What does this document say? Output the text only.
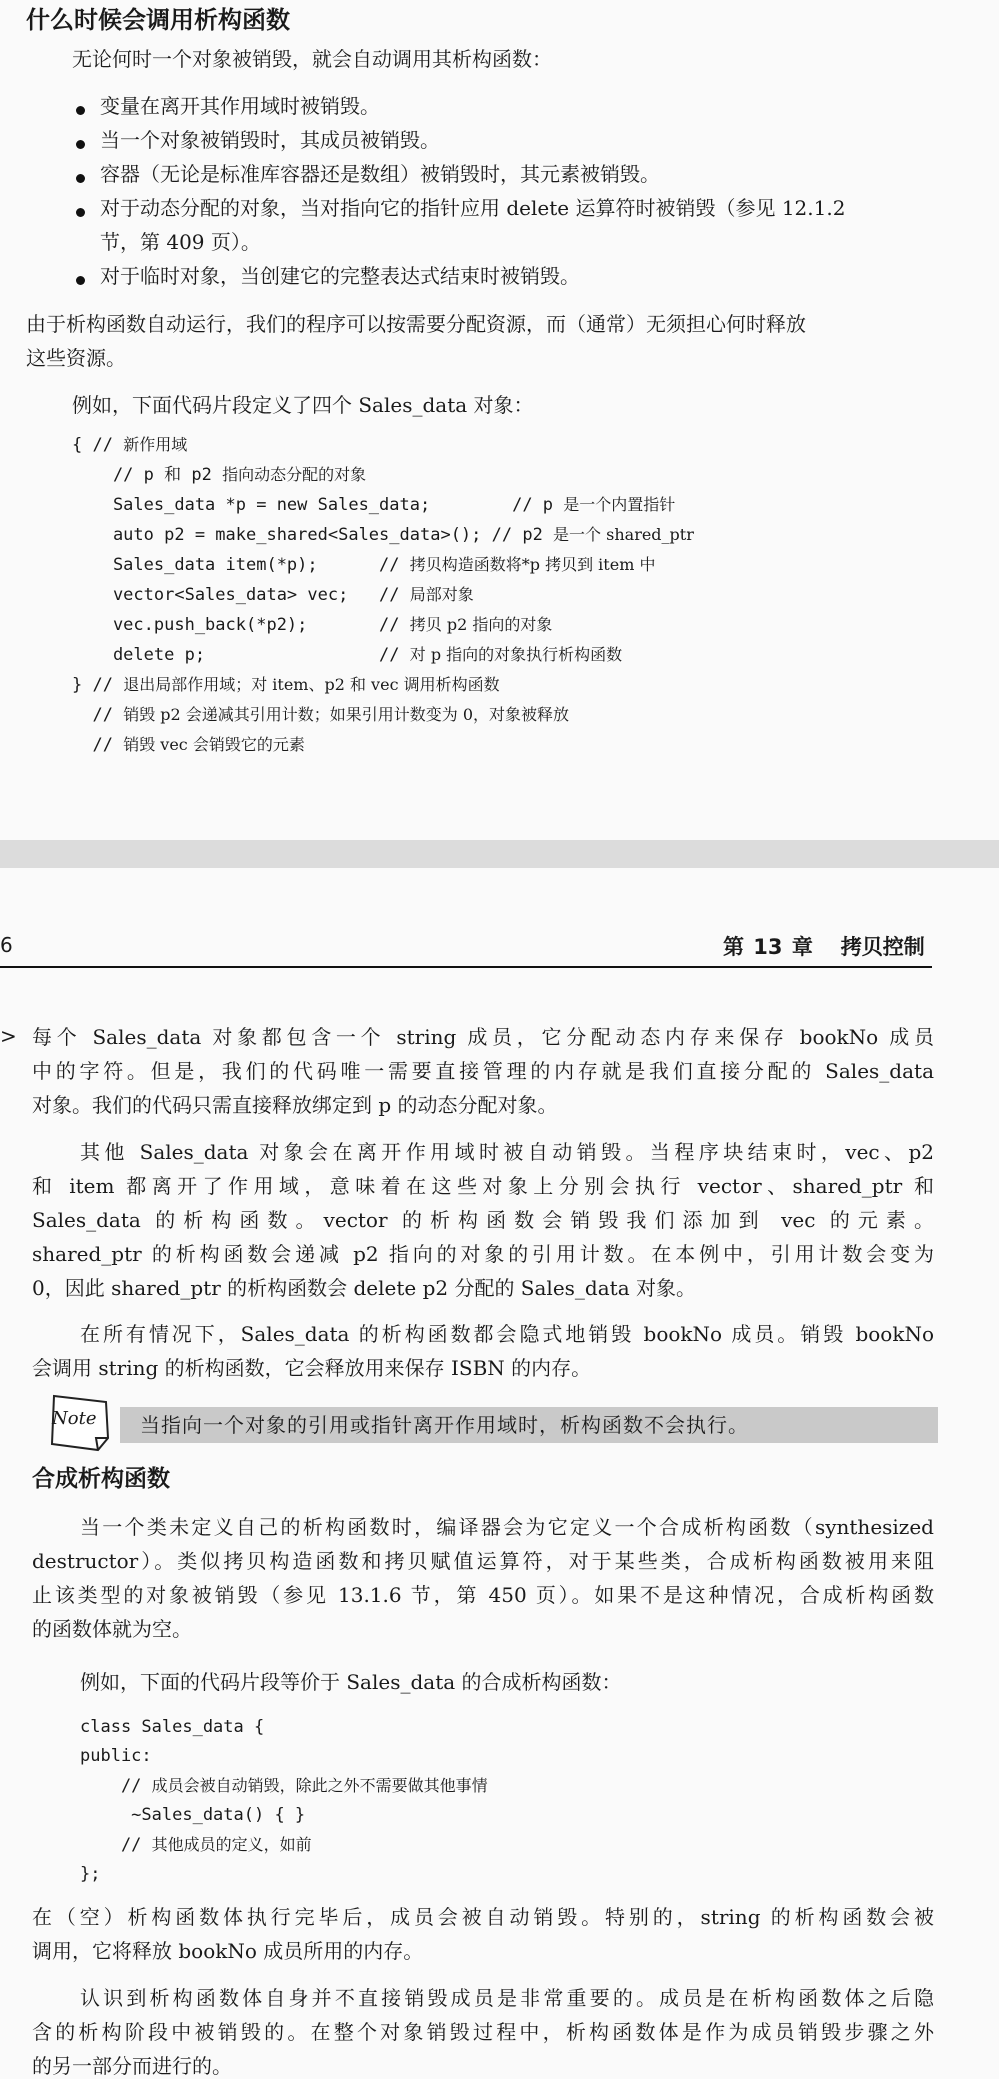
什么时候会调用析构函数
无论何时一个对象被销毁，就会自动调用其析构函数：
变量在离开其作用域时被销毁。
当一个对象被销毁时，其成员被销毁。
容器（无论是标准库容器还是数组）被销毁时，其元素被销毁。
对于动态分配的对象，当对指向它的指针应用 delete 运算符时被销毁（参见 12.1.2
节，第 409 页）。
对于临时对象，当创建它的完整表达式结束时被销毁。
由于析构函数自动运行，我们的程序可以按需要分配资源，而（通常）无须担心何时释放
这些资源。
例如，下面代码片段定义了四个 Sales_data 对象：
{ // 新作用域
// p 和 p2 指向动态分配的对象
Sales_data *p = new Sales_data;        // p 是一个内置指针
auto p2 = make_shared<Sales_data>(); // p2 是一个 shared_ptr
Sales_data item(*p);      // 拷贝构造函数将*p 拷贝到 item 中
vector<Sales_data> vec;   // 局部对象
vec.push_back(*p2);       // 拷贝 p2 指向的对象
delete p;                 // 对 p 指向的对象执行析构函数
} // 退出局部作用域；对 item、p2 和 vec 调用析构函数
// 销毁 p2 会递减其引用计数；如果引用计数变为 0，对象被释放
// 销毁 vec 会销毁它的元素
6	第 13 章 拷贝控制
> 每个 Sales_data 对象都包含一个 string 成员，它分配动态内存来保存 bookNo 成员
中的字符。但是，我们的代码唯一需要直接管理的内存就是我们直接分配的 Sales_data
对象。我们的代码只需直接释放绑定到 p 的动态分配对象。
其他 Sales_data 对象会在离开作用域时被自动销毁。当程序块结束时，vec、p2
和 item 都离开了作用域，意味着在这些对象上分别会执行 vector、shared_ptr 和
Sales_data 的析构函数。vector 的析构函数会销毁我们添加到 vec 的元素。
shared_ptr 的析构函数会递减 p2 指向的对象的引用计数。在本例中，引用计数会变为
0，因此 shared_ptr 的析构函数会 delete p2 分配的 Sales_data 对象。
在所有情况下，Sales_data 的析构函数都会隐式地销毁 bookNo 成员。销毁 bookNo
会调用 string 的析构函数，它会释放用来保存 ISBN 的内存。
Note 当指向一个对象的引用或指针离开作用域时，析构函数不会执行。
合成析构函数
当一个类未定义自己的析构函数时，编译器会为它定义一个合成析构函数（synthesized
destructor）。类似拷贝构造函数和拷贝赋值运算符，对于某些类，合成析构函数被用来阻
止该类型的对象被销毁（参见 13.1.6 节，第 450 页）。如果不是这种情况，合成析构函数
的函数体就为空。
例如，下面的代码片段等价于 Sales_data 的合成析构函数：
class Sales_data {
public:
// 成员会被自动销毁，除此之外不需要做其他事情
~Sales_data() { }
// 其他成员的定义，如前
};
在（空）析构函数体执行完毕后，成员会被自动销毁。特别的，string 的析构函数会被
调用，它将释放 bookNo 成员所用的内存。
认识到析构函数体自身并不直接销毁成员是非常重要的。成员是在析构函数体之后隐
含的析构阶段中被销毁的。在整个对象销毁过程中，析构函数体是作为成员销毁步骤之外
的另一部分而进行的。
